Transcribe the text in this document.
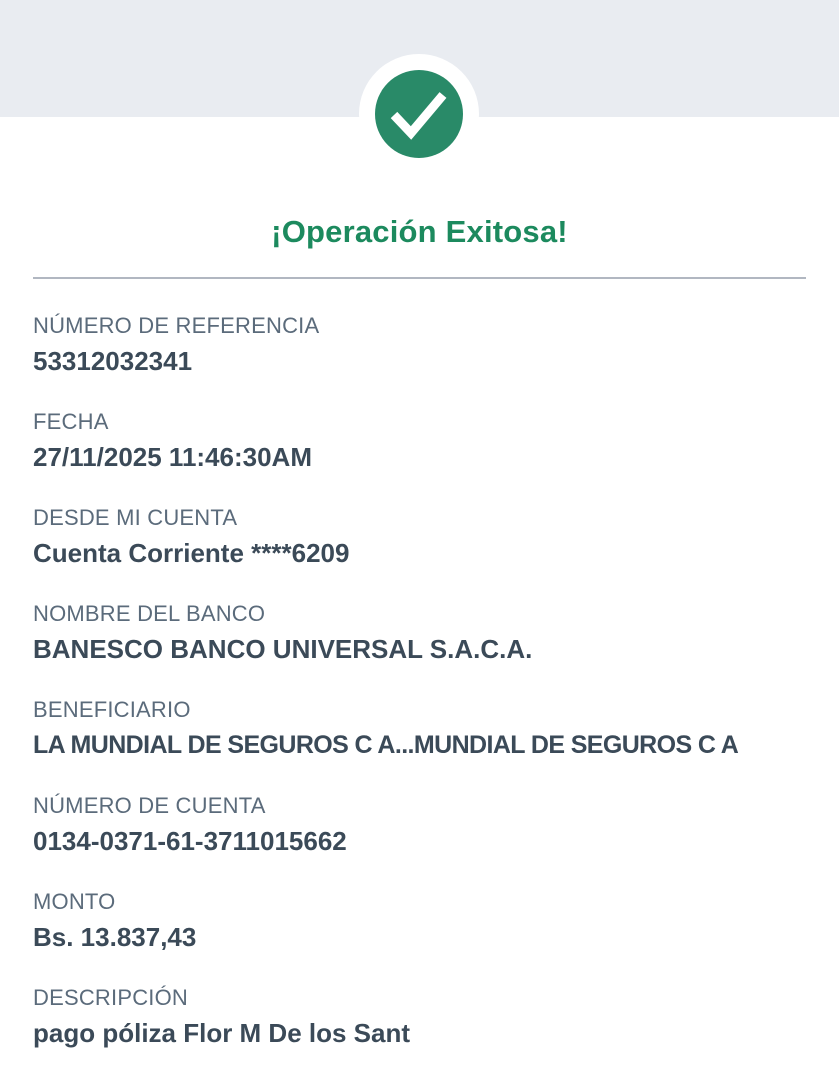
¡Operación Exitosa!
NÚMERO DE REFERENCIA
53312032341
FECHA
27/11/2025 11:46:30AM
DESDE MI CUENTA
Cuenta Corriente ****6209
NOMBRE DEL BANCO
BANESCO BANCO UNIVERSAL S.A.C.A.
BENEFICIARIO
LA MUNDIAL DE SEGUROS C A...MUNDIAL DE SEGUROS C A
NÚMERO DE CUENTA
0134-0371-61-3711015662
MONTO
Bs. 13.837,43
DESCRIPCIÓN
pago póliza Flor M De los Sant
